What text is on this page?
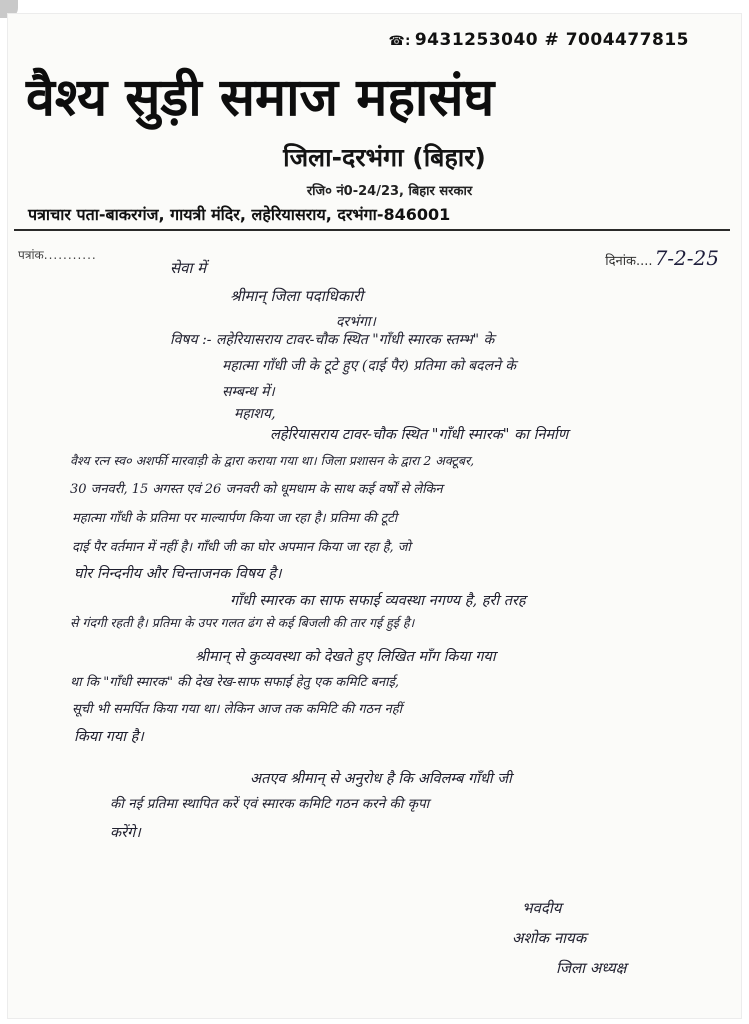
☎: 9431253040 # 7004477815
वैश्य सुड़ी समाज महासंघ
जिला-दरभंगा (बिहार)
रजि० नं0-24/23, बिहार सरकार
पत्राचार पता-बाकरगंज, गायत्री मंदिर, लहेरियासराय, दरभंगा-846001
पत्रांक...........	दिनांक.... 7-2-25
सेवा में
श्रीमान् जिला पदाधिकारी
दरभंगा।
विषय :- लहेरियासराय टावर-चौक स्थित "गाँधी स्मारक स्तम्भ" के
महात्मा गाँधी जी के टूटे हुए (दाई पैर) प्रतिमा को बदलने के
सम्बन्ध में।
महाशय,
लहेरियासराय टावर-चौक स्थित "गाँधी स्मारक" का निर्माण
वैश्य रत्न स्व० अशर्फी मारवाड़ी के द्वारा कराया गया था। जिला प्रशासन के द्वारा 2 अक्टूबर,
30 जनवरी, 15 अगस्त एवं 26 जनवरी को धूमधाम के साथ कई वर्षों से लेकिन
महात्मा गाँधी के प्रतिमा पर माल्यार्पण किया जा रहा है। प्रतिमा की टूटी
दाई पैर वर्तमान में नहीं है। गाँधी जी का घोर अपमान किया जा रहा है, जो
घोर निन्दनीय और चिन्ताजनक विषय है।
गाँधी स्मारक का साफ सफाई व्यवस्था नगण्य है, हरी तरह
से गंदगी रहती है। प्रतिमा के उपर गलत ढंग से कई बिजली की तार गई हुई है।
श्रीमान् से कुव्यवस्था को देखते हुए लिखित माँग किया गया
था कि "गाँधी स्मारक" की देख रेख-साफ सफाई हेतु एक कमिटि बनाई,
सूची भी समर्पित किया गया था। लेकिन आज तक कमिटि की गठन नहीं
किया गया है।
अतएव श्रीमान् से अनुरोध है कि अविलम्ब गाँधी जी
की नई प्रतिमा स्थापित करें एवं स्मारक कमिटि गठन करने की कृपा
करेंगे।
भवदीय
अशोक नायक
जिला अध्यक्ष
